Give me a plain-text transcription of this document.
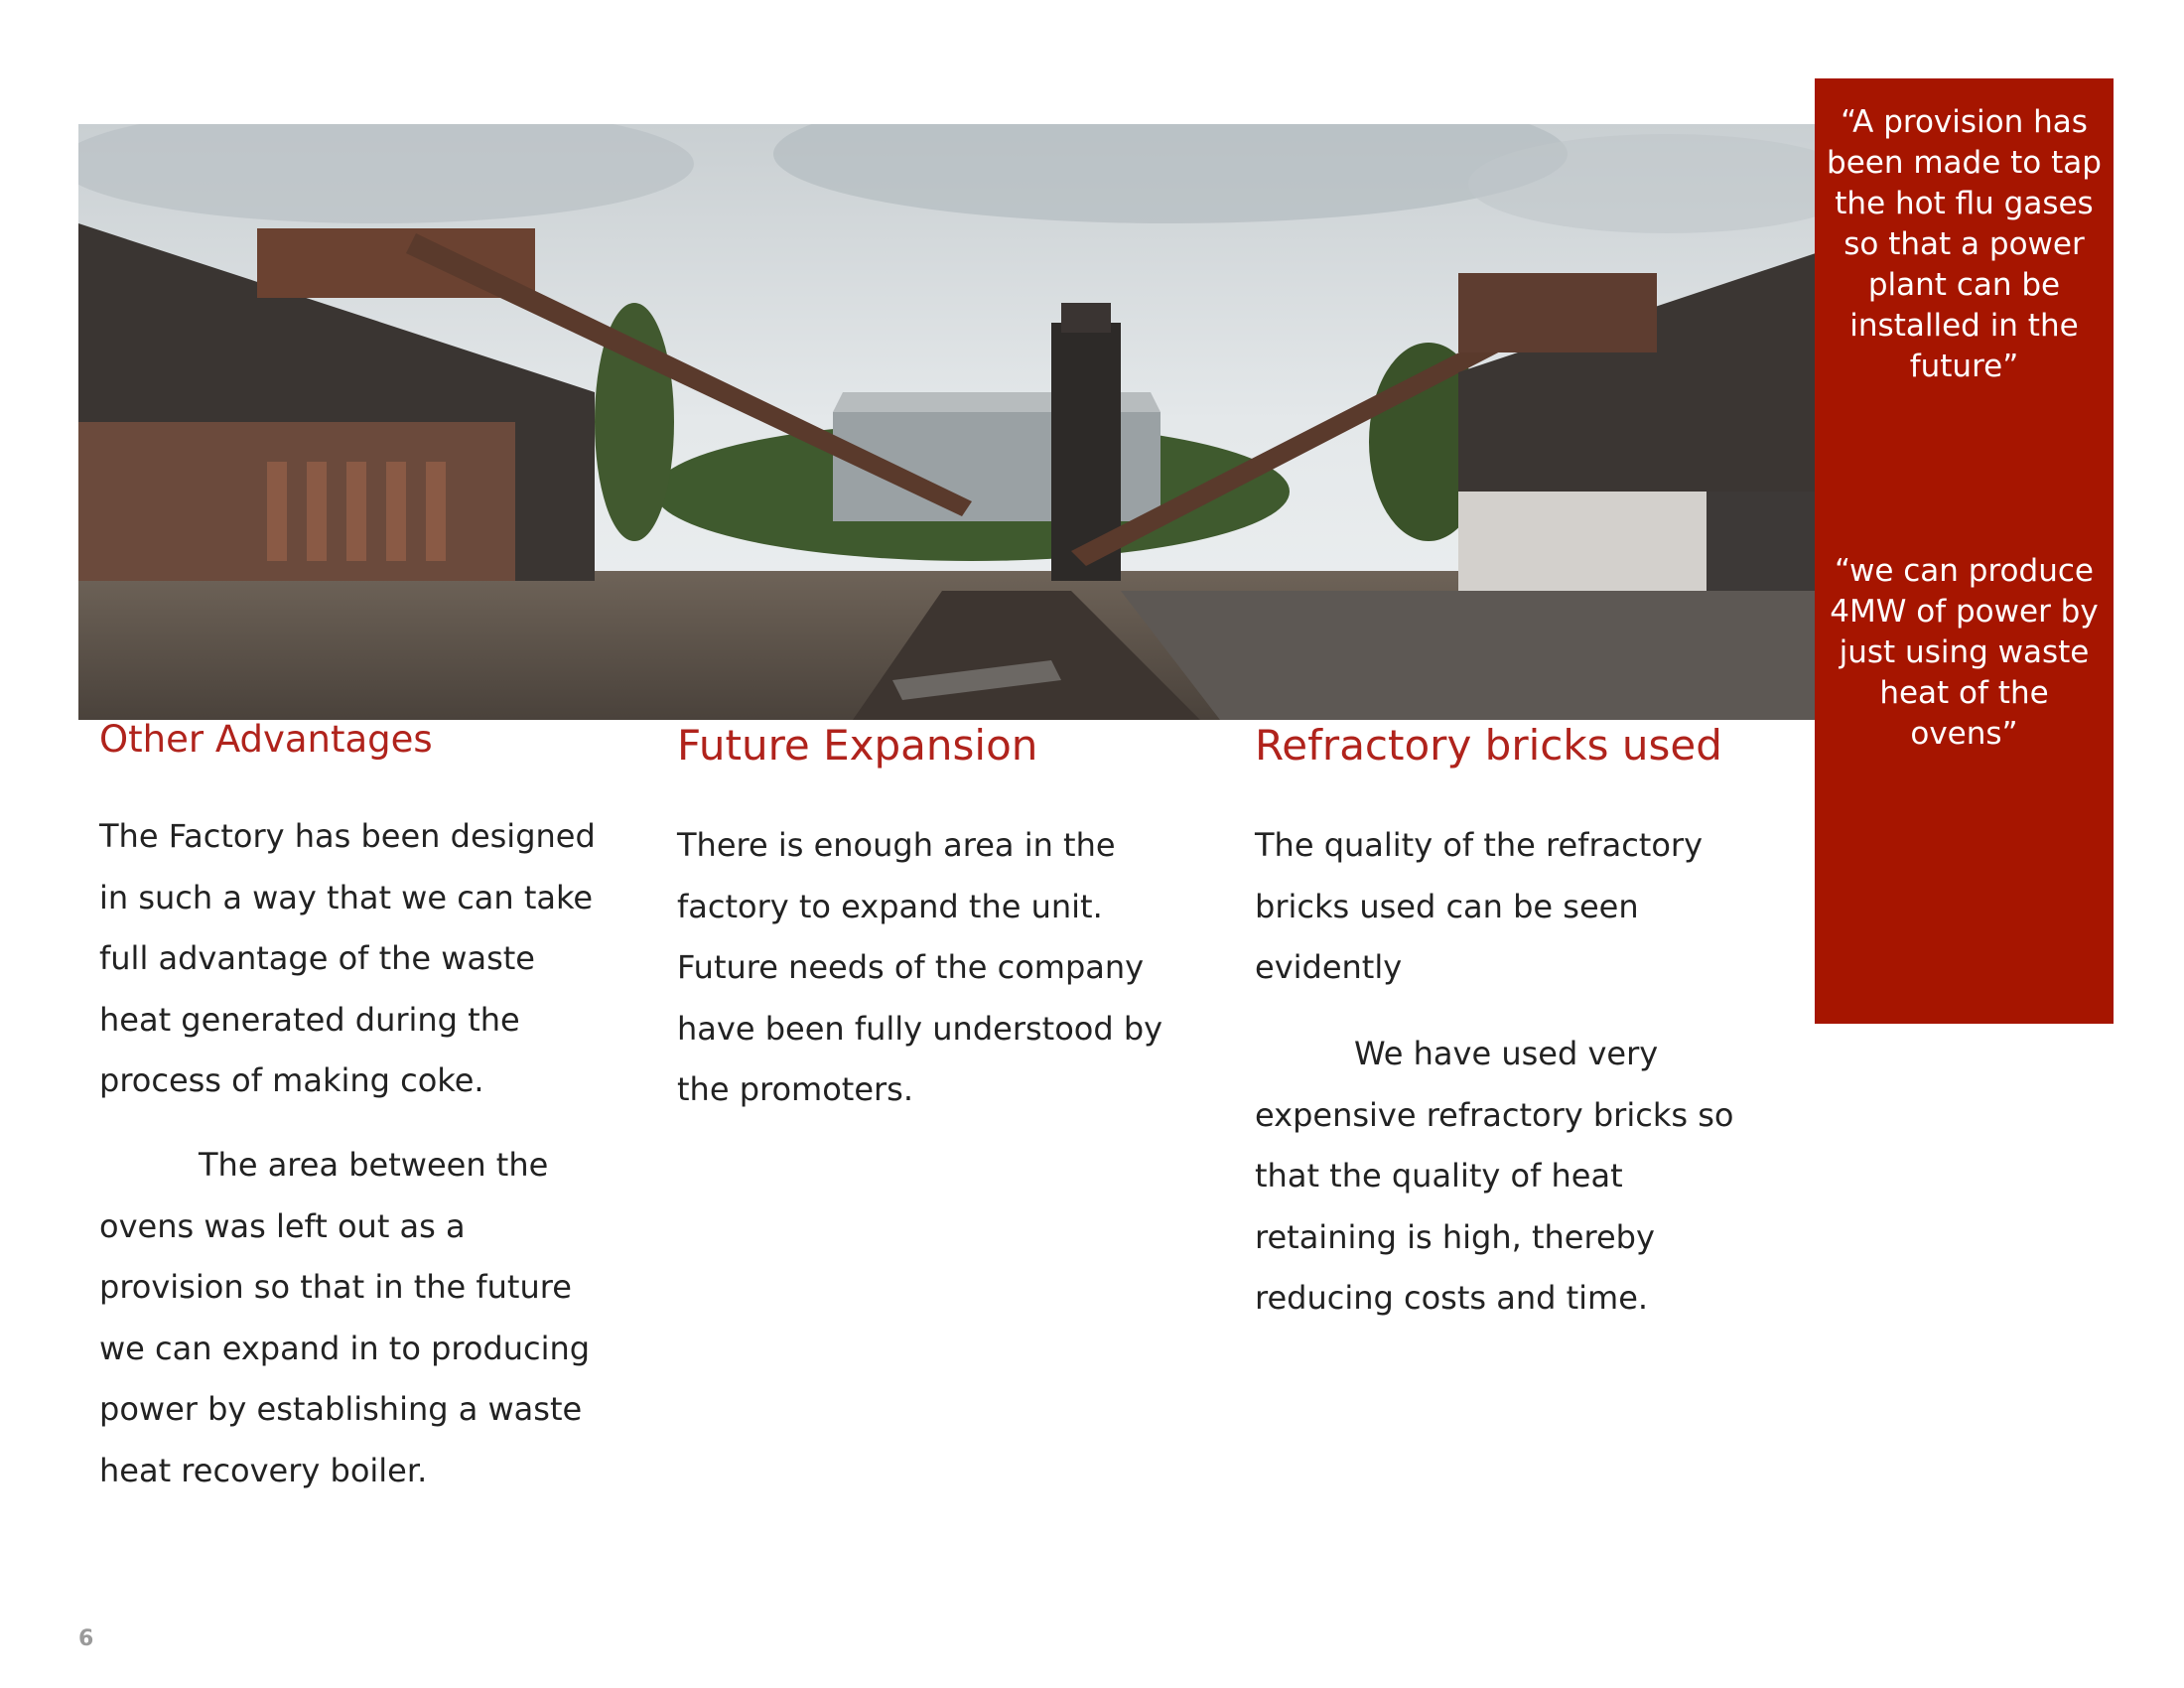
“A provision has been made to tap the hot flu gases so that a power plant can be installed in the future”
“we can produce 4MW of power by just using waste heat of the ovens”
Other Advantages

The Factory has been designed in such a way that we can take full advantage of the waste heat generated during the process of making coke.

The area between the ovens was left out as a provision so that in the future we can expand in to producing power by establishing a waste heat recovery boiler.

Future Expansion

There is enough area in the factory to expand the unit. Future needs of the company have been fully understood by the promoters.

Refractory bricks used

The quality of the refractory bricks used can be seen evidently

We have used very expensive refractory bricks so that the quality of heat retaining is high, thereby reducing costs and time.

6
